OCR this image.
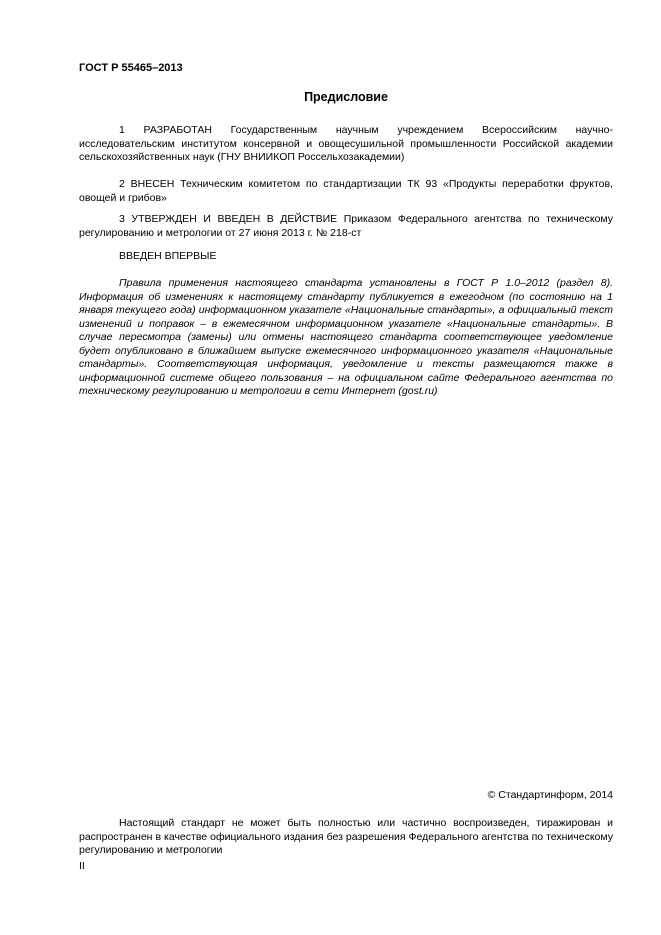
ГОСТ Р 55465–2013
Предисловие
1 РАЗРАБОТАН Государственным научным учреждением Всероссийским научно-исследовательским институтом консервной и овощесушильной промышленности Российской академии сельскохозяйственных наук (ГНУ ВНИИКОП Россельхозакадемии)
2 ВНЕСЕН Техническим комитетом по стандартизации ТК 93 «Продукты переработки фруктов, овощей и грибов»
3 УТВЕРЖДЕН И ВВЕДЕН В ДЕЙСТВИЕ Приказом Федерального агентства по техническому регулированию и метрологии от 27 июня 2013 г. № 218-ст
ВВЕДЕН ВПЕРВЫЕ
Правила применения настоящего стандарта установлены в ГОСТ Р 1.0–2012 (раздел 8). Информация об изменениях к настоящему стандарту публикуется в ежегодном (по состоянию на 1 января текущего года) информационном указателе «Национальные стандарты», а официальный текст изменений и поправок – в ежемесячном информационном указателе «Национальные стандарты». В случае пересмотра (замены) или отмены настоящего стандарта соответствующее уведомление будет опубликовано в ближайшем выпуске ежемесячного информационного указателя «Национальные стандарты». Соответствующая информация, уведомление и тексты размещаются также в информационной системе общего пользования – на официальном сайте Федерального агентства по техническому регулированию и метрологии в сети Интернет (gost.ru)
© Стандартинформ, 2014
Настоящий стандарт не может быть полностью или частично воспроизведен, тиражирован и распространен в качестве официального издания без разрешения Федерального агентства по техническому регулированию и метрологии
II
